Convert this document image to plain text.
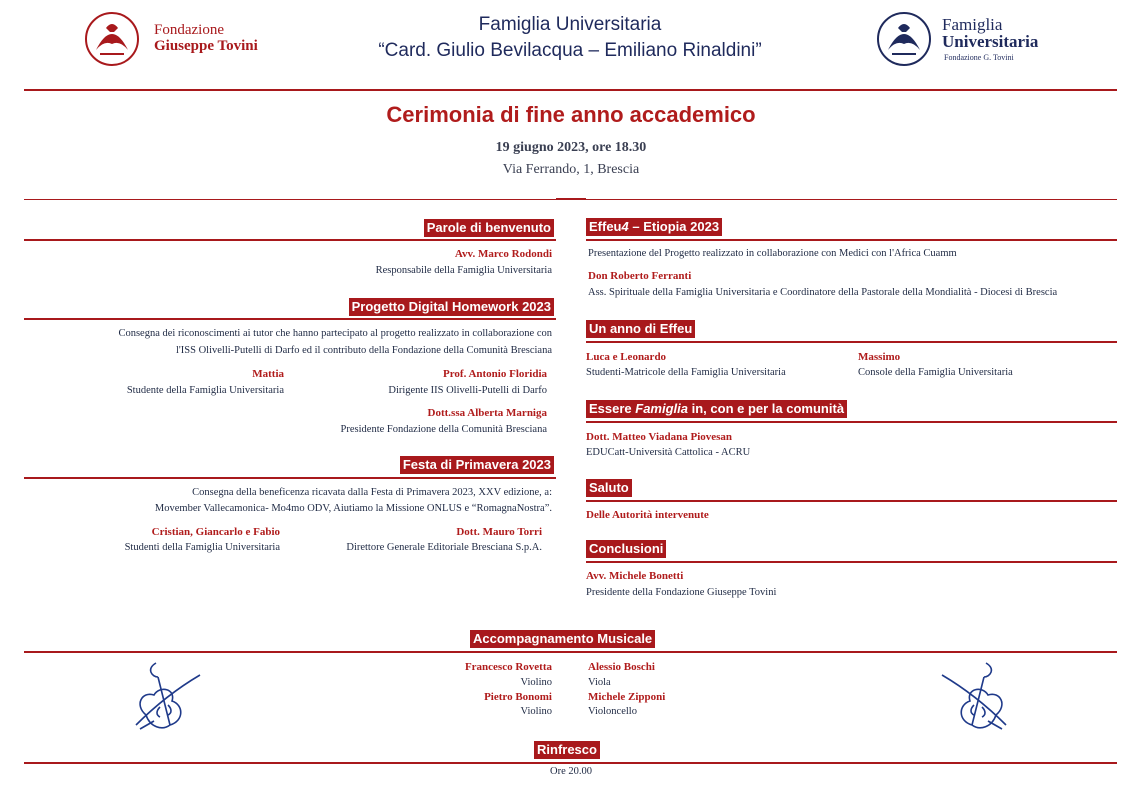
Fondazione
Giuseppe Tovini
Famiglia Universitaria
“Card. Giulio Bevilacqua – Emiliano Rinaldini”
Famiglia
Universitaria
Fondazione G. Tovini
Cerimonia di fine anno accademico
19 giugno 2023, ore 18.30
Via Ferrando, 1, Brescia
Parole di benvenuto
Avv. Marco Rodondi
Responsabile della Famiglia Universitaria
Progetto Digital Homework 2023
Consegna dei riconoscimenti ai tutor che hanno partecipato al progetto realizzato in collaborazione con
l'ISS Olivelli-Putelli di Darfo ed il contributo della Fondazione della Comunità Bresciana
Mattia
Studente della Famiglia Universitaria
Prof. Antonio Floridia
Dirigente IIS Olivelli-Putelli di Darfo
Dott.ssa Alberta Marniga
Presidente Fondazione della Comunità Bresciana
Festa di Primavera 2023
Consegna della beneficenza ricavata dalla Festa di Primavera 2023, XXV edizione, a:
Movember Vallecamonica- Mo4mo ODV, Aiutiamo la Missione ONLUS e “RomagnaNostra”.
Cristian, Giancarlo e Fabio
Studenti della Famiglia Universitaria
Dott. Mauro Torri
Direttore Generale Editoriale Bresciana S.p.A.
Effeu4 – Etiopia 2023
Presentazione del Progetto realizzato in collaborazione con Medici con l'Africa Cuamm
Don Roberto Ferranti
Ass. Spirituale della Famiglia Universitaria e Coordinatore della Pastorale della Mondialità - Diocesi di Brescia
Un anno di Effeu
Luca e Leonardo
Studenti-Matricole della Famiglia Universitaria
Massimo
Console della Famiglia Universitaria
Essere Famiglia in, con e per la comunità
Dott. Matteo Viadana Piovesan
EDUCatt-Università Cattolica - ACRU
Saluto
Delle Autorità intervenute
Conclusioni
Avv. Michele Bonetti
Presidente della Fondazione Giuseppe Tovini
Accompagnamento Musicale
Francesco Rovetta
Violino
Alessio Boschi
Viola
Pietro Bonomi
Violino
Michele Zipponi
Violoncello
Rinfresco
Ore 20.00
